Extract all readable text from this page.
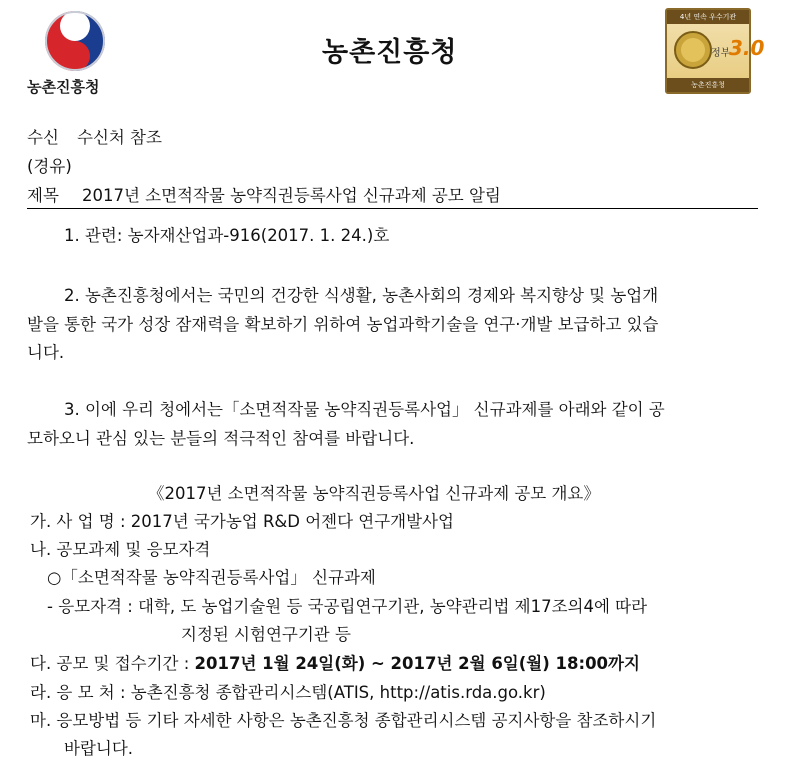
농촌진흥청
농촌진흥청
4년 연속 우수기관
정부
3.0
농촌진흥청
수신 수신처 참조
(경유)
제목 2017년 소면적작물 농약직권등록사업 신규과제 공모 알림
1. 관련: 농자재산업과-916(2017. 1. 24.)호
2. 농촌진흥청에서는 국민의 건강한 식생활, 농촌사회의 경제와 복지향상 및 농업개
발을 통한 국가 성장 잠재력을 확보하기 위하여 농업과학기술을 연구·개발 보급하고 있습
니다.
3. 이에 우리 청에서는「소면적작물 농약직권등록사업」 신규과제를 아래와 같이 공
모하오니 관심 있는 분들의 적극적인 참여를 바랍니다.
《2017년 소면적작물 농약직권등록사업 신규과제 공모 개요》
가. 사 업 명 : 2017년 국가농업 R&D 어젠다 연구개발사업
나. 공모과제 및 응모자격
○「소면적작물 농약직권등록사업」 신규과제
- 응모자격 : 대학, 도 농업기술원 등 국공립연구기관, 농약관리법 제17조의4에 따라
지정된 시험연구기관 등
다. 공모 및 접수기간 : 2017년 1월 24일(화) ~ 2017년 2월 6일(월) 18:00까지
라. 응 모 처 : 농촌진흥청 종합관리시스템(ATIS, http://atis.rda.go.kr)
마. 응모방법 등 기타 자세한 사항은 농촌진흥청 종합관리시스템 공지사항을 참조하시기
바랍니다.
